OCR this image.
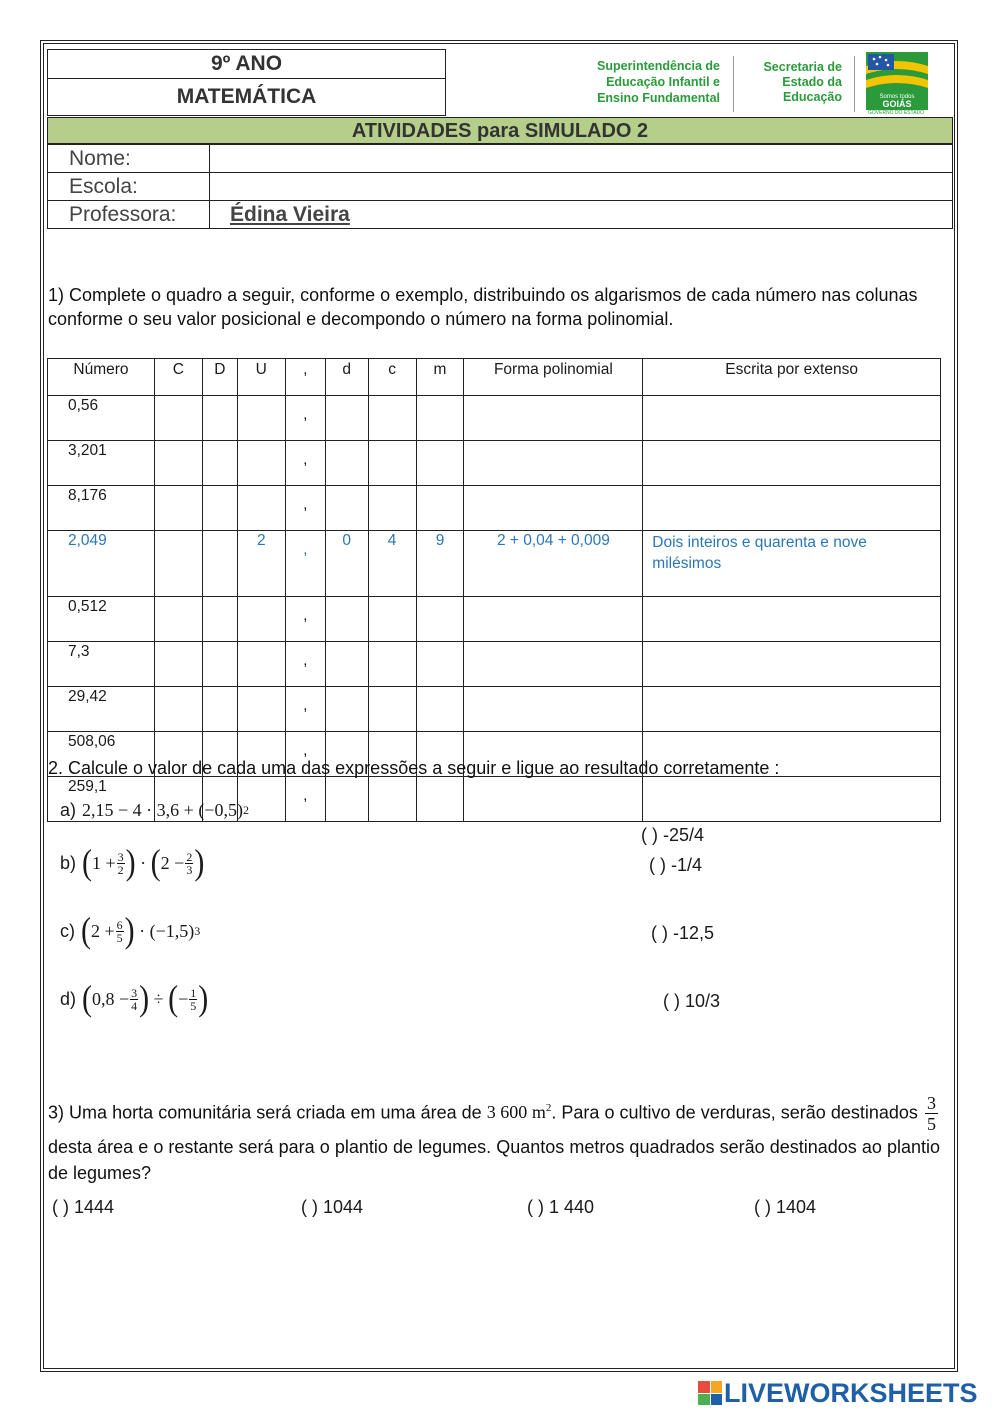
9º ANO	Superintendência de
Educação Infantil e
Ensino Fundamental
Secretaria de
Estado da
Educação	Somos todos
GOIÁS
GOVERNO DO ESTADO

MATEMÁTICA
ATIVIDADES para SIMULADO 2
Nome:	
Escola:	
Professora:	Édina Vieira
1) Complete o quadro a seguir, conforme o exemplo, distribuindo os algarismos de cada número nas colunas conforme o seu valor posicional e decompondo o número na forma polinomial.
Número	C	D	U	,	d	c	m	Forma polinomial	Escrita por extenso
0,56				,					
3,201				,					
8,176				,					
2,049			2	,	0	4	9	2 + 0,04 + 0,009	Dois inteiros e quarenta e nove milésimos
0,512				,					
7,3				,					
29,42				,					
508,06				,					
259,1				,					
2. Calcule o valor de cada uma das expressões a seguir e ligue ao resultado corretamente :
a) 2,15 − 4 · 3,6 + (−0,5) 2
b) ( $1 + \frac{3}{2}$ )
·
( $2 - \frac{2}{3}$ )
c) ( $2 + \frac{6}{5}$ )
· (−1,5) 3
d) ( $0,8 - \frac{3}{4}$ )
÷
( − $\frac{1}{5}$ )
( ) -25/4
( ) -1/4
( ) -12,5
( ) 10/3
3) Uma horta comunitária será criada em uma área de 3 600 $m^2$. Para o cultivo de verduras, serão destinados $\frac{3}{5}$
desta área e o restante será para o plantio de legumes. Quantos metros quadrados serão destinados ao plantio de legumes?
( ) 1444	( ) 1044	( ) 1 440	( ) 1404
LIVEWORKSHEETS
